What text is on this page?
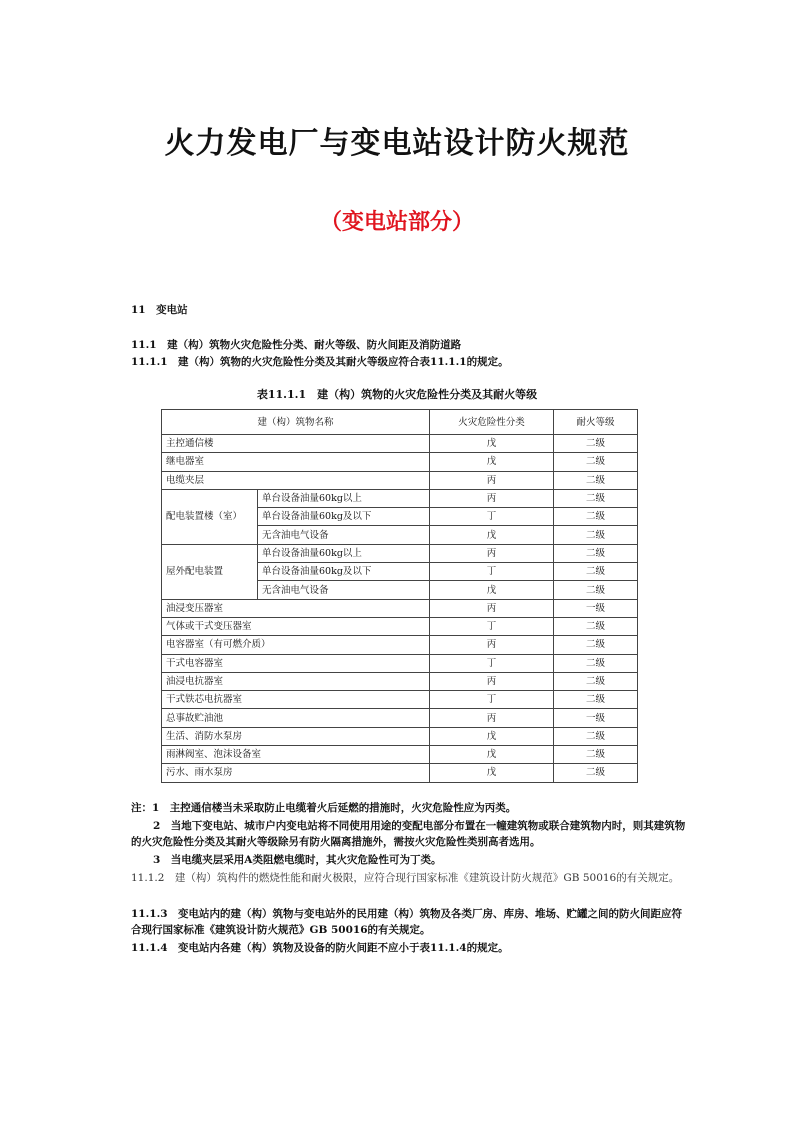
火力发电厂与变电站设计防火规范
（变电站部分）
11　变电站
11.1　建（构）筑物火灾危险性分类、耐火等级、防火间距及消防道路
11.1.1　建（构）筑物的火灾危险性分类及其耐火等级应符合表11.1.1的规定。
表11.1.1　建（构）筑物的火灾危险性分类及其耐火等级
建（构）筑物名称		火灾危险性分类	耐火等级
主控通信楼		戊	二级
继电器室		戊	二级
电缆夹层		丙	二级
配电装置楼（室）	单台设备油量60kg以上	丙	二级
	单台设备油量60kg及以下	丁	二级
	无含油电气设备	戊	二级
屋外配电装置	单台设备油量60kg以上	丙	二级
	单台设备油量60kg及以下	丁	二级
	无含油电气设备	戊	二级
油浸变压器室		丙	一级
气体或干式变压器室		丁	二级
电容器室（有可燃介质）		丙	二级
干式电容器室		丁	二级
油浸电抗器室		丙	二级
干式铁芯电抗器室		丁	二级
总事故贮油池		丙	一级
生活、消防水泵房		戊	二级
雨淋阀室、泡沫设备室		戊	二级
污水、雨水泵房		戊	二级
注：1　主控通信楼当未采取防止电缆着火后延燃的措施时，火灾危险性应为丙类。
2　当地下变电站、城市户内变电站将不同使用用途的变配电部分布置在一幢建筑物或联合建筑物内时，则其建筑物的火灾危险性分类及其耐火等级除另有防火隔离措施外，需按火灾危险性类别高者选用。
3　当电缆夹层采用A类阻燃电缆时，其火灾危险性可为丁类。
11.1.2　建（构）筑构件的燃烧性能和耐火极限，应符合现行国家标准《建筑设计防火规范》GB 50016的有关规定。
11.1.3　变电站内的建（构）筑物与变电站外的民用建（构）筑物及各类厂房、库房、堆场、贮罐之间的防火间距应符合现行国家标准《建筑设计防火规范》GB 50016的有关规定。
11.1.4　变电站内各建（构）筑物及设备的防火间距不应小于表11.1.4的规定。
